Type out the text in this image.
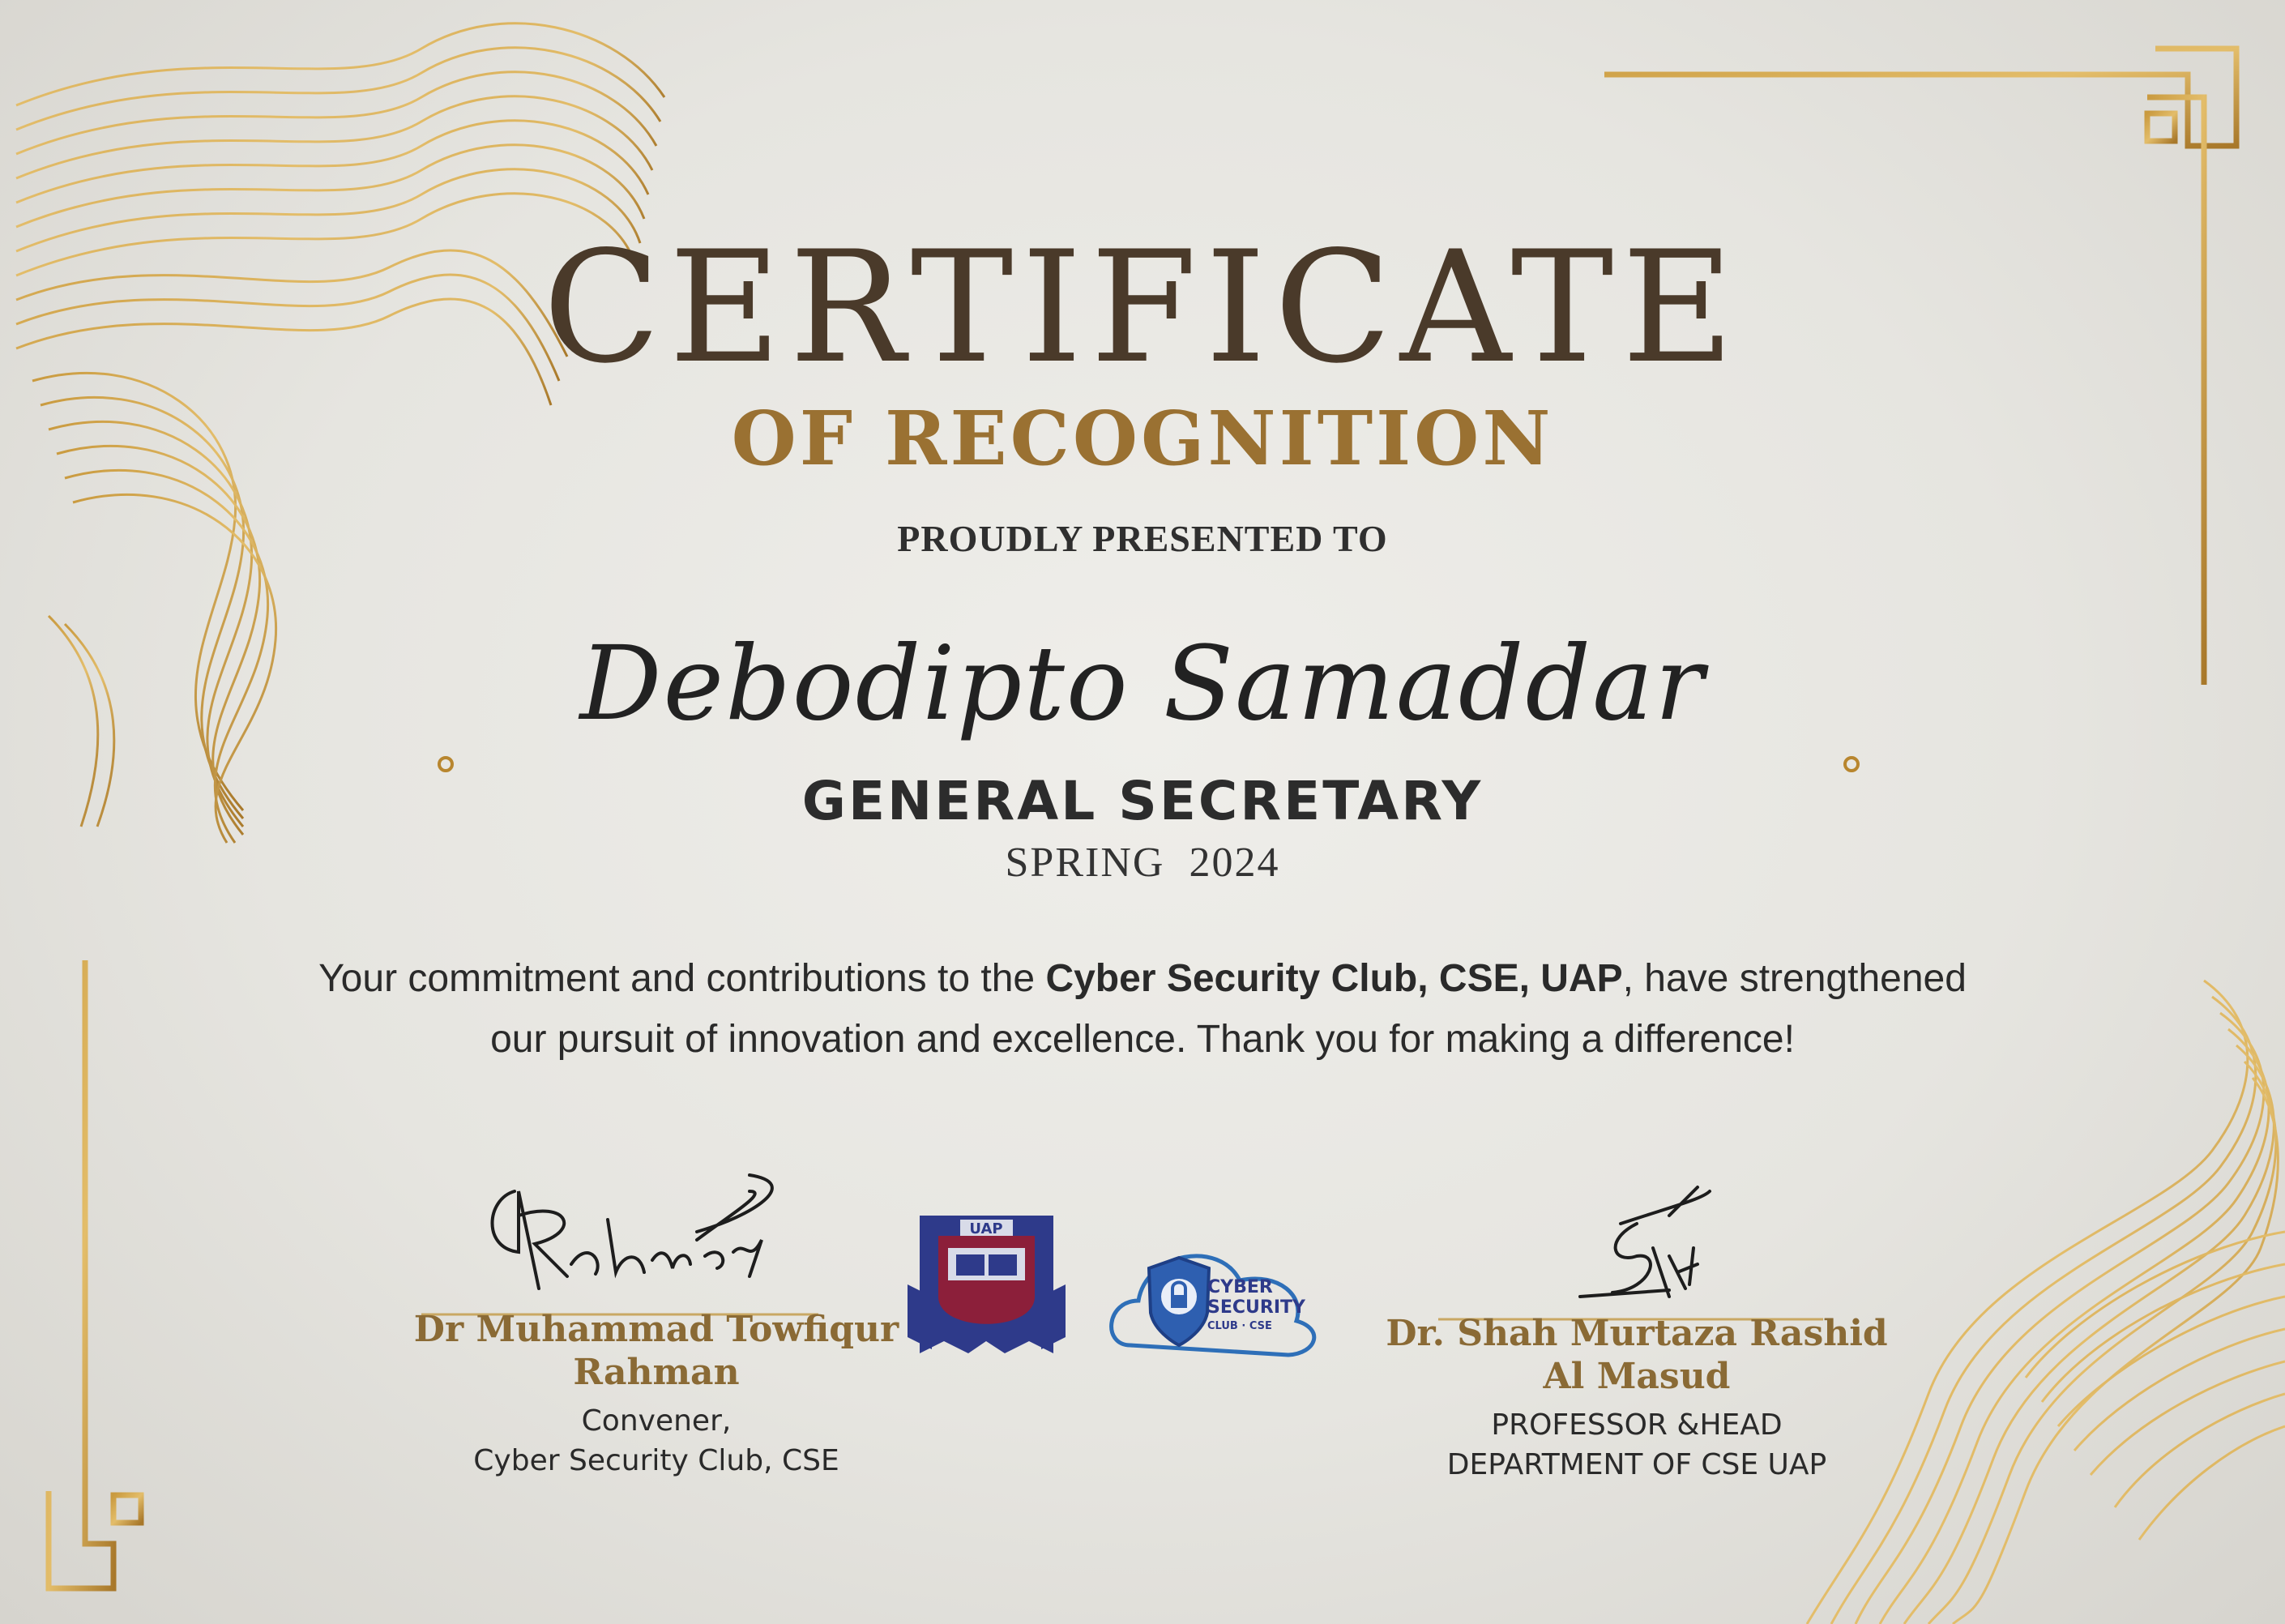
UAP
CYBER
SECURITY
CLUB · CSE
CERTIFICATE
OF RECOGNITION
PROUDLY PRESENTED TO
Debodipto Samaddar
GENERAL SECRETARY
SPRING  2024
Your commitment and contributions to the Cyber Security Club, CSE, UAP, have strengthened
our pursuit of innovation and excellence. Thank you for making a difference!
Dr Muhammad Towfiqur
Rahman
Convener,
Cyber Security Club, CSE
Dr. Shah Murtaza Rashid
Al Masud
PROFESSOR &HEAD
DEPARTMENT OF CSE UAP
